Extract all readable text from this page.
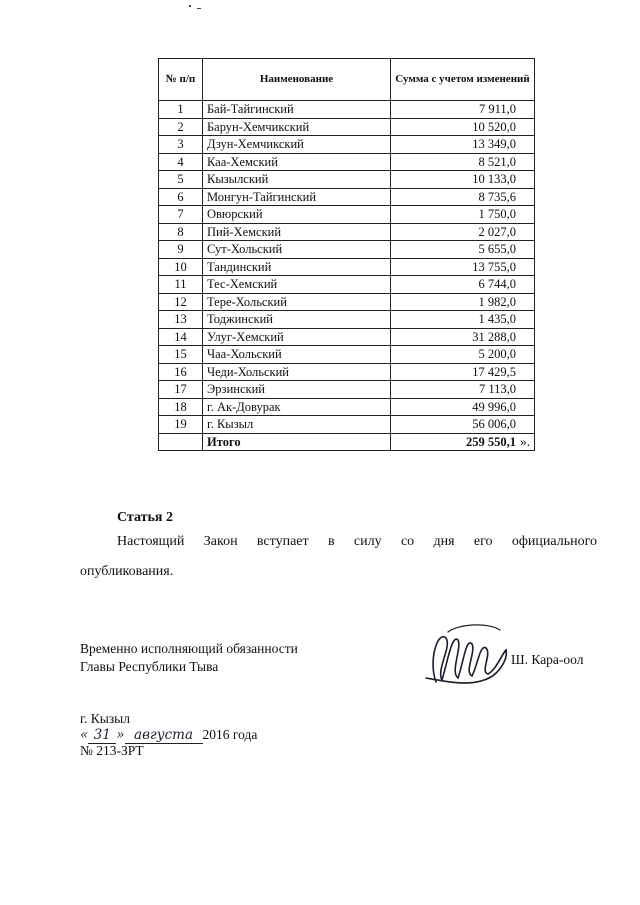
№ п/п	Наименование	Сумма с учетом изменений
1	Бай-Тайгинский	7 911,0
2	Барун-Хемчикский	10 520,0
3	Дзун-Хемчикский	13 349,0
4	Каа-Хемский	8 521,0
5	Кызылский	10 133,0
6	Монгун-Тайгинский	8 735,6
7	Овюрский	1 750,0
8	Пий-Хемский	2 027,0
9	Сут-Хольский	5 655,0
10	Тандинский	13 755,0
11	Тес-Хемский	6 744,0
12	Тере-Хольский	1 982,0
13	Тоджинский	1 435,0
14	Улуг-Хемский	31 288,0
15	Чаа-Хольский	5 200,0
16	Чеди-Хольский	17 429,5
17	Эрзинский	7 113,0
18	г. Ак-Довурак	49 996,0
19	г. Кызыл	56 006,0
	Итого	259 550,1 ».
Статья 2
Настоящий Закон вступает в силу со дня его официального
опубликования.
Временно исполняющий обязанности
Главы Республики Тыва	Ш. Кара-оол
г. Кызыл
« 31 » августа 2016 года
№ 213-ЗРТ
